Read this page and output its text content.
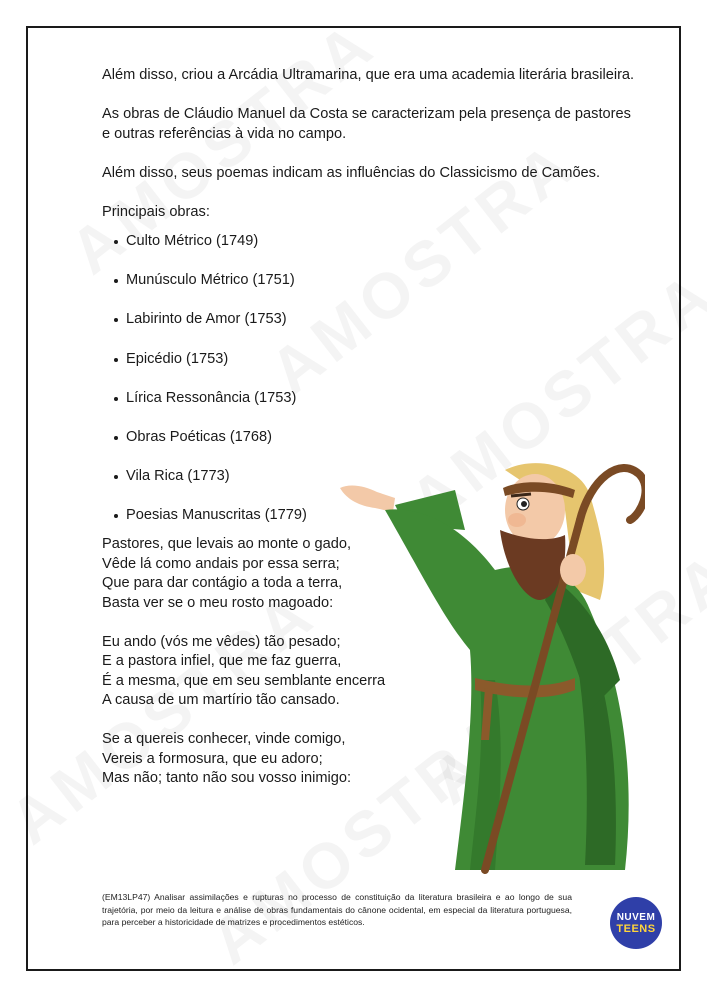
Além disso, criou a Arcádia Ultramarina, que era uma academia literária brasileira.

As obras de Cláudio Manuel da Costa se caracterizam pela presença de pastores e outras referências à vida no campo.

Além disso, seus poemas indicam as influências do Classicismo de Camões.

Principais obras:

Culto Métrico (1749)
Munúsculo Métrico (1751)
Labirinto de Amor (1753)
Epicédio (1753)
Lírica Ressonância (1753)
Obras Poéticas (1768)
Vila Rica (1773)
Poesias Manuscritas (1779)
Pastores, que levais ao monte o gado,
Vêde lá como andais por essa serra;
Que para dar contágio a toda a terra,
Basta ver se o meu rosto magoado:
Eu ando (vós me vêdes) tão pesado;
E a pastora infiel, que me faz guerra,
É a mesma, que em seu semblante encerra
A causa de um martírio tão cansado.
Se a quereis conhecer, vinde comigo,
Vereis a formosura, que eu adoro;
Mas não; tanto não sou vosso inimigo:
(EM13LP47) Analisar assimilações e rupturas no processo de constituição da literatura brasileira e ao longo de sua trajetória, por meio da leitura e análise de obras fundamentais do cânone ocidental, em especial da literatura portuguesa, para perceber a historicidade de matrizes e procedimentos estéticos.	NUVEM
TEENS
